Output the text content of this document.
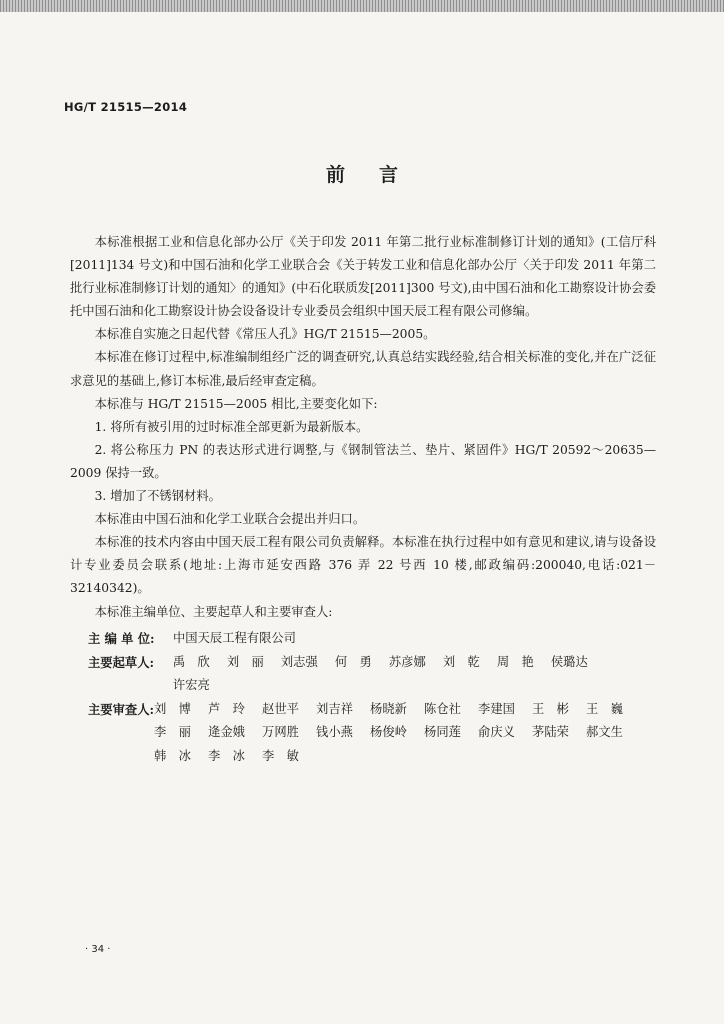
HG/T 21515—2014
前 言

本标准根据工业和信息化部办公厅《关于印发 2011 年第二批行业标准制修订计划的通知》(工信厅科[2011]134 号文)和中国石油和化学工业联合会《关于转发工业和信息化部办公厅〈关于印发 2011 年第二批行业标准制修订计划的通知〉的通知》(中石化联质发[2011]300 号文),由中国石油和化工勘察设计协会委托中国石油和化工勘察设计协会设备设计专业委员会组织中国天辰工程有限公司修编。

本标准自实施之日起代替《常压人孔》HG/T 21515—2005。

本标准在修订过程中,标准编制组经广泛的调查研究,认真总结实践经验,结合相关标准的变化,并在广泛征求意见的基础上,修订本标准,最后经审查定稿。

本标准与 HG/T 21515—2005 相比,主要变化如下:

1. 将所有被引用的过时标准全部更新为最新版本。

2. 将公称压力 PN 的表达形式进行调整,与《钢制管法兰、垫片、紧固件》HG/T 20592～20635—2009 保持一致。

3. 增加了不锈钢材料。

本标准由中国石油和化学工业联合会提出并归口。

本标准的技术内容由中国天辰工程有限公司负责解释。本标准在执行过程中如有意见和建议,请与设备设计专业委员会联系(地址:上海市延安西路 376 弄 22 号西 10 楼,邮政编码:200040,电话:021－32140342)。

本标准主编单位、主要起草人和主要审查人:

主 编 单 位:	中国天辰工程有限公司
主要起草人:	禹　欣	刘　丽	刘志强	何　勇	苏彦娜	刘　乾	周　艳	侯璐达
许宏亮
主要审查人: 刘　博	芦　玲	赵世平	刘吉祥	杨晓新	陈仓社	李建国	王　彬	王　巍
李　丽	逄金娥	万网胜	钱小燕	杨俊岭	杨同莲	俞庆义	茅陆荣	郝文生
韩　冰	李　冰	李　敏
· 34 ·
